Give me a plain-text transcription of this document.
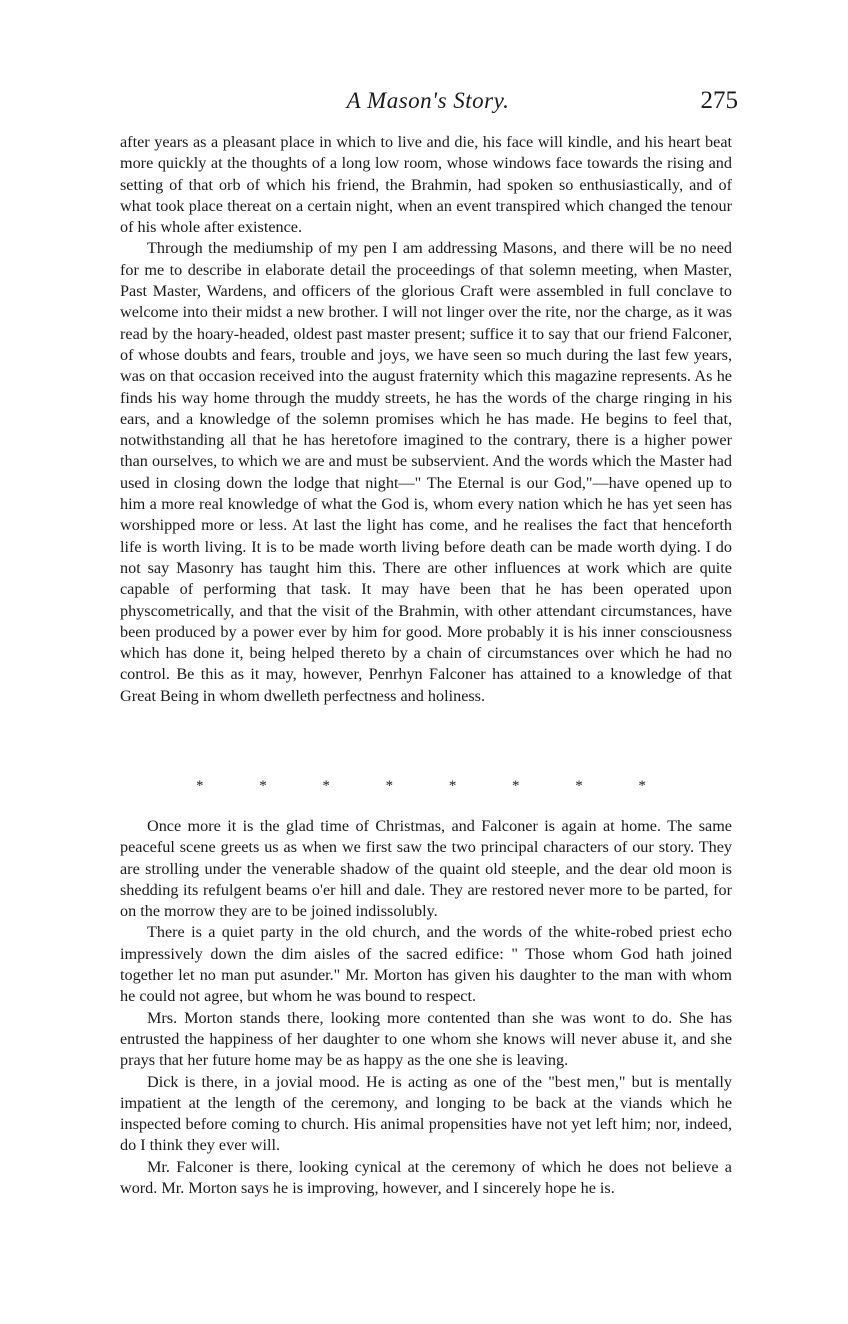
A Mason's Story.	275

after years as a pleasant place in which to live and die, his face will kindle, and his heart beat more quickly at the thoughts of a long low room, whose windows face towards the rising and setting of that orb of which his friend, the Brahmin, had spoken so enthusiastically, and of what took place thereat on a certain night, when an event transpired which changed the tenour of his whole after existence.

Through the mediumship of my pen I am addressing Masons, and there will be no need for me to describe in elaborate detail the proceedings of that solemn meeting, when Master, Past Master, Wardens, and officers of the glorious Craft were assembled in full conclave to welcome into their midst a new brother. I will not linger over the rite, nor the charge, as it was read by the hoary-headed, oldest past master present; suffice it to say that our friend Falconer, of whose doubts and fears, trouble and joys, we have seen so much during the last few years, was on that occasion received into the august fraternity which this magazine represents. As he finds his way home through the muddy streets, he has the words of the charge ringing in his ears, and a knowledge of the solemn promises which he has made. He begins to feel that, notwithstanding all that he has heretofore imagined to the contrary, there is a higher power than ourselves, to which we are and must be subservient. And the words which the Master had used in closing down the lodge that night—" The Eternal is our God,"—have opened up to him a more real knowledge of what the God is, whom every nation which he has yet seen has worshipped more or less. At last the light has come, and he realises the fact that henceforth life is worth living. It is to be made worth living before death can be made worth dying. I do not say Masonry has taught him this. There are other influences at work which are quite capable of performing that task. It may have been that he has been operated upon physcometrically, and that the visit of the Brahmin, with other attendant circumstances, have been produced by a power ever by him for good. More probably it is his inner consciousness which has done it, being helped thereto by a chain of circumstances over which he had no control. Be this as it may, however, Penrhyn Falconer has attained to a knowledge of that Great Being in whom dwelleth perfectness and holiness.

*	*	*	*	*	*	*	*

Once more it is the glad time of Christmas, and Falconer is again at home. The same peaceful scene greets us as when we first saw the two principal characters of our story. They are strolling under the venerable shadow of the quaint old steeple, and the dear old moon is shedding its refulgent beams o'er hill and dale. They are restored never more to be parted, for on the morrow they are to be joined indissolubly.

There is a quiet party in the old church, and the words of the white-robed priest echo impressively down the dim aisles of the sacred edifice: " Those whom God hath joined together let no man put asunder." Mr. Morton has given his daughter to the man with whom he could not agree, but whom he was bound to respect.

Mrs. Morton stands there, looking more contented than she was wont to do. She has entrusted the happiness of her daughter to one whom she knows will never abuse it, and she prays that her future home may be as happy as the one she is leaving.

Dick is there, in a jovial mood. He is acting as one of the "best men," but is mentally impatient at the length of the ceremony, and longing to be back at the viands which he inspected before coming to church. His animal propensities have not yet left him; nor, indeed, do I think they ever will.

Mr. Falconer is there, looking cynical at the ceremony of which he does not believe a word. Mr. Morton says he is improving, however, and I sincerely hope he is.
